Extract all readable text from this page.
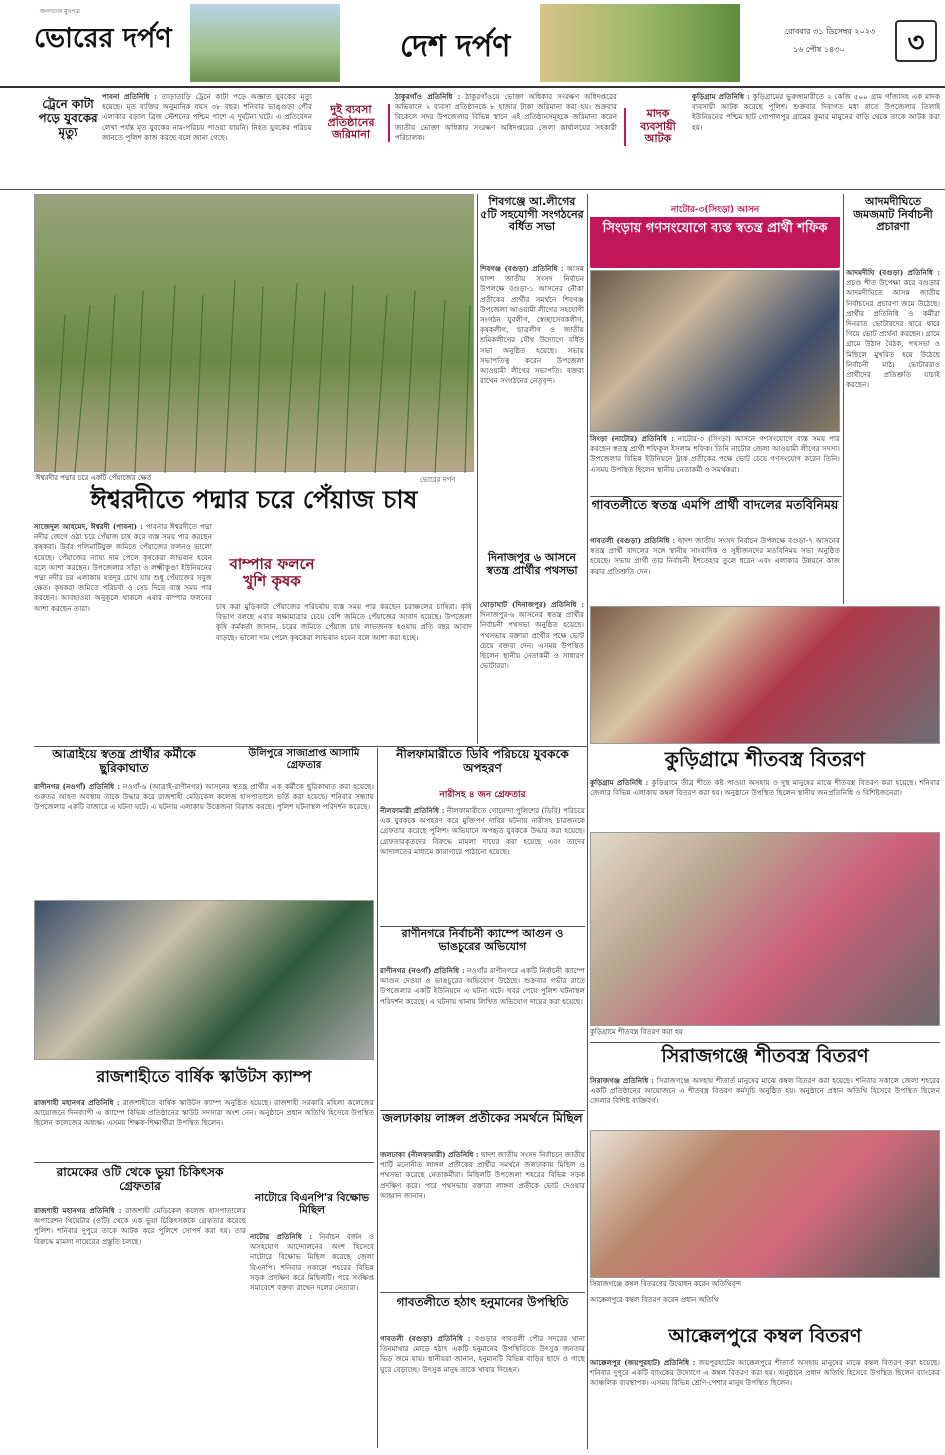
জনগণের মুখপত্র
ভোরের দর্পণ	দেশ দর্পণ	রোববার ৩১ ডিসেম্বর ২০২৩
১৬ পৌষ ১৪৩০	৩
ট্রেনে কাটা পড়ে যুবকের মৃত্যু
পাবনা প্রতিনিধি : তাড়াতাড়ি ট্রেনে কাটা পড়ে অজ্ঞাত যুবকের মৃত্যু হয়েছে। মৃত ব্যক্তির অনুমানিক বয়স ৩৮ বছর। শনিবার ভাঙ্গুড়া পৌর এলাকার বড়াল ব্রিজ স্টেশনের পশ্চিম পাশে এ দুর্ঘটনা ঘটে। এ প্রতিবেদন লেখা পর্যন্ত মৃত যুবকের নাম-পরিচয় পাওয়া যায়নি। নিহত যুবকের পরিচয় জানতে পুলিশ কাজ করছে বলে জানা গেছে।
দুই ব্যবসা প্রতিষ্ঠানের জরিমানা
ঠাকুরগাঁও প্রতিনিধি : ঠাকুরগাঁওয়ে ভোক্তা অধিকার সংরক্ষণ অধিদপ্তরের অভিযানে ২ ব্যবসা প্রতিষ্ঠানকে ৮ হাজার টাকা জরিমানা করা হয়। শুক্রবার বিকেলে সদর উপজেলার বিভিন্ন স্থানে এই প্রতিষ্ঠানসমূহকে জরিমানা করেন জাতীয় ভোক্তা অধিকার সংরক্ষণ অধিদপ্তরের জেলা কার্যালয়ের সহকারী পরিচালক।
মাদক ব্যবসায়ী আটক
কুড়িগ্রাম প্রতিনিধি : কুড়িগ্রামের ভুরুঙ্গামারীতে ২ কেজি ৫০০ গ্রাম গাঁজাসহ এক মাদক ব্যবসায়ী আটক করেছে পুলিশ। শুক্রবার দিবাগত মধ্য রাতে উপজেলার তিলাই ইউনিয়নের পশ্চিম ছাট গোপালপুর গ্রামের কুমার মামুনের বাড়ি থেকে তাকে আটক করা হয়।
ঈশ্বরদীর পদ্মার চরে একটি পেঁয়াজের ক্ষেত	ভোরের দর্পণ
ঈশ্বরদীতে পদ্মার চরে পেঁয়াজ চাষ
সাজেদুল আহমেদ, ঈশ্বরদী (পাবনা) : পাবনার ঈশ্বরদীতে পদ্মা নদীর জেগে ওঠা চরে পেঁয়াজ চাষ করে ব্যস্ত সময় পার করছেন কৃষকরা। উর্বর পলিমাটিযুক্ত জমিতে পেঁয়াজের ফলনও ভালো হয়েছে। পেঁয়াজের ন্যায্য দাম পেলে কৃষকেরা লাভবান হবেন বলে আশা করছেন। উপজেলার সাঁড়া ও লক্ষ্মীকুণ্ডা ইউনিয়নের পদ্মা নদীর চর এলাকায় যতদূর চোখ যায় শুধু পেঁয়াজের সবুজ ক্ষেত। কৃষকরা জমিতে পরিচর্যা ও সেচ দিতে ব্যস্ত সময় পার করছেন। আবহাওয়া অনুকূলে থাকলে এবার বাম্পার ফলনের আশা করছেন তারা।
বাম্পার ফলনে খুশি কৃষক
চাষ করা মুড়িকাটা পেঁয়াজের পরিচর্যায় ব্যস্ত সময় পার করছেন চরাঞ্চলের চাষিরা। কৃষি বিভাগ বলছে এবার লক্ষ্যমাত্রার চেয়ে বেশি জমিতে পেঁয়াজের আবাদ হয়েছে। উপজেলা কৃষি কর্মকর্তা জানান, চরের জমিতে পেঁয়াজ চাষ লাভজনক হওয়ায় প্রতি বছর আবাদ বাড়ছে। ভালো দাম পেলে কৃষকেরা লাভবান হবেন বলে আশা করা হচ্ছে।
শিবগঞ্জে আ.লীগের ৫টি সহযোগী সংগঠনের বর্ধিত সভা
শিবগঞ্জ (বগুড়া) প্রতিনিধি : আসন্ন দ্বাদশ জাতীয় সংসদ নির্বাচন উপলক্ষে বগুড়া-১ আসনের নৌকা প্রতীকের প্রার্থীর সমর্থনে শিবগঞ্জ উপজেলা আওয়ামী লীগের সহযোগী সংগঠন যুবলীগ, স্বেচ্ছাসেবকলীগ, কৃষকলীগ, ছাত্রলীগ ও জাতীয় শ্রমিকলীগের যৌথ উদ্যোগে বর্ধিত সভা অনুষ্ঠিত হয়েছে। সভায় সভাপতিত্ব করেন উপজেলা আওয়ামী লীগের সভাপতি। বক্তব্য রাখেন সংগঠনের নেতৃবৃন্দ।
নাটোর-৩(সিংড়া) আসন
সিংড়ায় গণসংযোগে ব্যস্ত স্বতন্ত্র প্রার্থী শফিক
সিংড়া (নাটোর) প্রতিনিধি : নাটোর-৩ (সিংড়া) আসনে গণসংযোগে ব্যস্ত সময় পার করছেন স্বতন্ত্র প্রার্থী শফিকুল ইসলাম শফিক। তিনি নাটোর জেলা আওয়ামী লীগের সদস্য। উপজেলার বিভিন্ন ইউনিয়নে ট্রাক প্রতীকের পক্ষে ভোট চেয়ে গণসংযোগ করেন তিনি। এসময় উপস্থিত ছিলেন স্থানীয় নেতাকর্মী ও সমর্থকরা।
আদমদীঘিতে জমজমাট নির্বাচনী প্রচারণা
আদমদীঘি (বগুড়া) প্রতিনিধি : প্রচণ্ড শীত উপেক্ষা করে বগুড়ার আদমদীঘিতে আসন্ন জাতীয় নির্বাচনের প্রচারণা জমে উঠেছে। প্রার্থীর প্রতিনিধি ও কর্মীরা দিনরাত ভোটারদের দ্বারে দ্বারে গিয়ে ভোট প্রার্থনা করছেন। গ্রামে গ্রামে উঠান বৈঠক, পথসভা ও মিছিলে মুখরিত হয়ে উঠেছে নির্বাচনী মাঠ। ভোটাররাও প্রার্থীদের প্রতিশ্রুতি যাচাই করছেন।
দিনাজপুর ৬ আসনে স্বতন্ত্র প্রার্থীর পথসভা
ঘোড়াঘাট (দিনাজপুর) প্রতিনিধি : দিনাজপুর-৬ আসনের স্বতন্ত্র প্রার্থীর নির্বাচনী পথসভা অনুষ্ঠিত হয়েছে। পথসভায় বক্তারা প্রার্থীর পক্ষে ভোট চেয়ে বক্তব্য দেন। এসময় উপস্থিত ছিলেন স্থানীয় নেতাকর্মী ও সাধারণ ভোটাররা।
গাবতলীতে স্বতন্ত্র এমপি প্রার্থী বাদলের মতবিনিময়
গাবতলী (বগুড়া) প্রতিনিধি : দ্বাদশ জাতীয় সংসদ নির্বাচন উপলক্ষে বগুড়া-৭ আসনের স্বতন্ত্র প্রার্থী বাদলের সঙ্গে স্থানীয় সাংবাদিক ও সুধীজনদের মতবিনিময় সভা অনুষ্ঠিত হয়েছে। সভায় প্রার্থী তার নির্বাচনী ইশতেহার তুলে ধরেন এবং এলাকার উন্নয়নে কাজ করার প্রতিশ্রুতি দেন।
আত্রাইয়ে স্বতন্ত্র প্রার্থীর কর্মীকে ছুরিকাঘাত
রাণীনগর (নওগাঁ) প্রতিনিধি : নওগাঁ-৬ (আত্রাই-রাণীনগর) আসনের স্বতন্ত্র প্রার্থীর এক কর্মীকে ছুরিকাঘাত করা হয়েছে। গুরুতর আহত অবস্থায় তাকে উদ্ধার করে রাজশাহী মেডিকেল কলেজ হাসপাতালে ভর্তি করা হয়েছে। শনিবার সন্ধ্যায় উপজেলার একটি বাজারে এ ঘটনা ঘটে। এ ঘটনায় এলাকায় উত্তেজনা বিরাজ করছে। পুলিশ ঘটনাস্থল পরিদর্শন করেছে।
উলিপুরে সাজাপ্রাপ্ত আসামি গ্রেফতার
নীলফামারীতে ডিবি পরিচয়ে যুবককে অপহরণ
নারীসহ ৪ জন গ্রেফতার
নীলফামারী প্রতিনিধি : নীলফামারীতে গোয়েন্দা পুলিশের (ডিবি) পরিচয়ে এক যুবককে অপহরণ করে মুক্তিপণ দাবির ঘটনায় নারীসহ চারজনকে গ্রেফতার করেছে পুলিশ। অভিযানে অপহৃত যুবককে উদ্ধার করা হয়েছে। গ্রেফতারকৃতদের বিরুদ্ধে মামলা দায়ের করা হয়েছে এবং তাদের আদালতের মাধ্যমে কারাগারে পাঠানো হয়েছে।
কুড়িগ্রামে শীতবস্ত্র বিতরণ
কুড়িগ্রাম প্রতিনিধি : কুড়িগ্রামে তীব্র শীতে কষ্ট পাওয়া অসহায় ও দুস্থ মানুষের মাঝে শীতবস্ত্র বিতরণ করা হয়েছে। শনিবার জেলার বিভিন্ন এলাকায় কম্বল বিতরণ করা হয়। অনুষ্ঠানে উপস্থিত ছিলেন স্থানীয় জনপ্রতিনিধি ও বিশিষ্টজনেরা।
কুড়িগ্রামে শীতবস্ত্র বিতরণ করা হয়
রাণীনগরে নির্বাচনী ক্যাম্পে আগুন ও ভাঙচুরের অভিযোগ
রাণীনগর (নওগাঁ) প্রতিনিধি : নওগাঁর রাণীনগরে একটি নির্বাচনী ক্যাম্পে আগুন দেওয়া ও ভাঙচুরের অভিযোগ উঠেছে। শুক্রবার গভীর রাতে উপজেলার একটি ইউনিয়নে এ ঘটনা ঘটে। খবর পেয়ে পুলিশ ঘটনাস্থল পরিদর্শন করেছে। এ ঘটনায় থানায় লিখিত অভিযোগ দায়ের করা হয়েছে।
রাজশাহীতে বার্ষিক স্কাউটস ক্যাম্প
রাজশাহী মহানগর প্রতিনিধি : রাজশাহীতে বার্ষিক স্কাউটস ক্যাম্প অনুষ্ঠিত হয়েছে। রাজশাহী সরকারি মহিলা কলেজের আয়োজনে দিনব্যাপী এ ক্যাম্পে বিভিন্ন প্রতিষ্ঠানের স্কাউট সদস্যরা অংশ নেন। অনুষ্ঠানে প্রধান অতিথি হিসেবে উপস্থিত ছিলেন কলেজের অধ্যক্ষ। এসময় শিক্ষক-শিক্ষার্থীরা উপস্থিত ছিলেন।
সিরাজগঞ্জে শীতবস্ত্র বিতরণ
সিরাজগঞ্জ প্রতিনিধি : সিরাজগঞ্জে অসহায় শীতার্ত মানুষের মাঝে কম্বল বিতরণ করা হয়েছে। শনিবার সকালে জেলা শহরের একটি প্রতিষ্ঠানের আয়োজনে এ শীতবস্ত্র বিতরণ কর্মসূচি অনুষ্ঠিত হয়। অনুষ্ঠানে প্রধান অতিথি হিসেবে উপস্থিত ছিলেন জেলার বিশিষ্ট ব্যক্তিবর্গ।
সিরাজগঞ্জে কম্বল বিতরণের উদ্বোধন করেন অতিথিবৃন্দ
জলঢাকায় লাঙ্গল প্রতীকের সমর্থনে মিছিল
জলঢাকা (নীলফামারী) প্রতিনিধি : দ্বাদশ জাতীয় সংসদ নির্বাচনে জাতীয় পার্টি মনোনীত লাঙ্গল প্রতীকের প্রার্থীর সমর্থনে জলঢাকায় মিছিল ও পথসভা করেছে নেতাকর্মীরা। মিছিলটি উপজেলা শহরের বিভিন্ন সড়ক প্রদক্ষিণ করে। পরে পথসভায় বক্তারা লাঙ্গল প্রতীকে ভোট দেওয়ার আহ্বান জানান।
রামেকের ওটি থেকে ভুয়া চিকিৎসক গ্রেফতার
রাজশাহী মহানগর প্রতিনিধি : রাজশাহী মেডিকেল কলেজ হাসপাতালের অপারেশন থিয়েটার (ওটি) থেকে এক ভুয়া চিকিৎসককে গ্রেফতার করেছে পুলিশ। শনিবার দুপুরে তাকে আটক করে পুলিশে সোপর্দ করা হয়। তার বিরুদ্ধে মামলা দায়েরের প্রস্তুতি চলছে।
নাটোরে বিএনপি'র বিক্ষোভ মিছিল
নাটোর প্রতিনিধি : নির্বাচন বর্জন ও অসহযোগ আন্দোলনের অংশ হিসেবে নাটোরে বিক্ষোভ মিছিল করেছে জেলা বিএনপি। শনিবার সকালে শহরের বিভিন্ন সড়ক প্রদক্ষিণ করে মিছিলটি। পরে সংক্ষিপ্ত সমাবেশে বক্তব্য রাখেন দলের নেতারা।
গাবতলীতে হঠাৎ হনুমানের উপস্থিতি
গাবতলী (বগুড়া) প্রতিনিধি : বগুড়ার গাবতলী পৌর সদরের থানা তিনমাথার মোড়ে হঠাৎ একটি হনুমানের উপস্থিতিতে উৎসুক জনতার ভিড় জমে যায়। স্থানীয়রা জানান, হনুমানটি বিভিন্ন বাড়ির ছাদে ও গাছে ঘুরে বেড়াচ্ছে। উৎসুক মানুষ তাকে খাবার দিচ্ছেন।
আক্কেলপুরে কম্বল বিতরণ করেন প্রধান অতিথি
আক্কেলপুরে কম্বল বিতরণ
আক্কেলপুর (জয়পুরহাট) প্রতিনিধি : জয়পুরহাটের আক্কেলপুরে শীতার্ত অসহায় মানুষের মাঝে কম্বল বিতরণ করা হয়েছে। শনিবার দুপুরে একটি ব্যাংকের উদ্যোগে এ কম্বল বিতরণ করা হয়। অনুষ্ঠানে প্রধান অতিথি হিসেবে উপস্থিত ছিলেন ব্যাংকের আঞ্চলিক ব্যবস্থাপক। এসময় বিভিন্ন শ্রেণি-পেশার মানুষ উপস্থিত ছিলেন।
